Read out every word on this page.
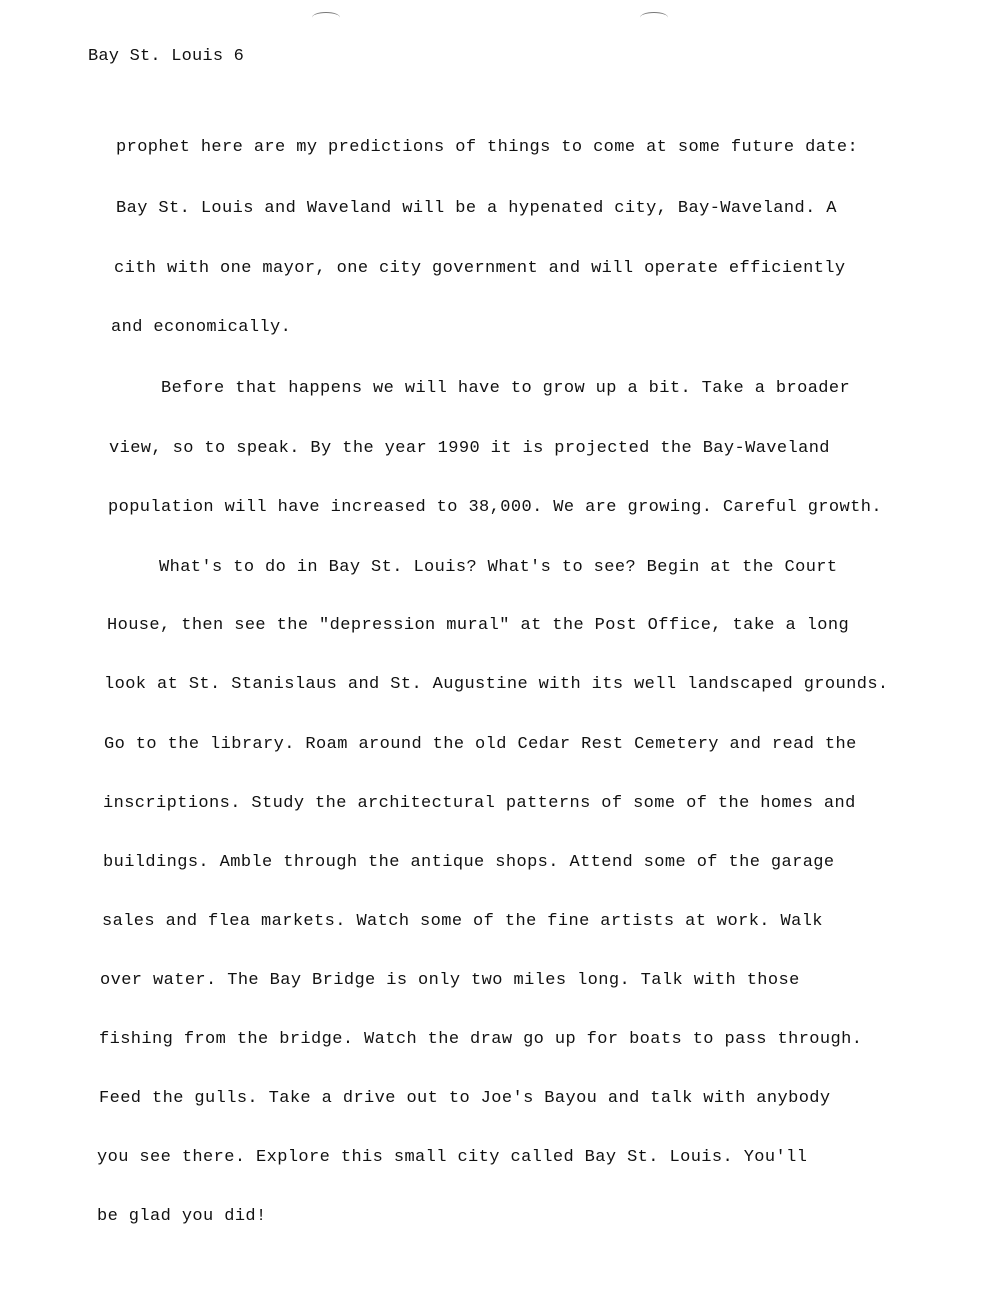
Bay St. Louis 6
prophet here are my predictions of things to come at some future date:
Bay St. Louis and Waveland will be a hypenated city, Bay-Waveland. A
cith with one mayor, one city government and will operate efficiently
and economically.
Before that happens we will have to grow up a bit. Take a broader
view, so to speak. By the year 1990 it is projected the Bay-Waveland
population will have increased to 38,000. We are growing. Careful growth.
What's to do in Bay St. Louis? What's to see? Begin at the Court
House, then see the "depression mural" at the Post Office, take a long
look at St. Stanislaus and St. Augustine with its well landscaped grounds.
Go to the library. Roam around the old Cedar Rest Cemetery and read the
inscriptions. Study the architectural patterns of some of the homes and
buildings. Amble through the antique shops. Attend some of the garage
sales and flea markets. Watch some of the fine artists at work. Walk
over water. The Bay Bridge is only two miles long. Talk with those
fishing from the bridge. Watch the draw go up for boats to pass through.
Feed the gulls. Take a drive out to Joe's Bayou and talk with anybody
you see there. Explore this small city called Bay St. Louis. You'll
be glad you did!
